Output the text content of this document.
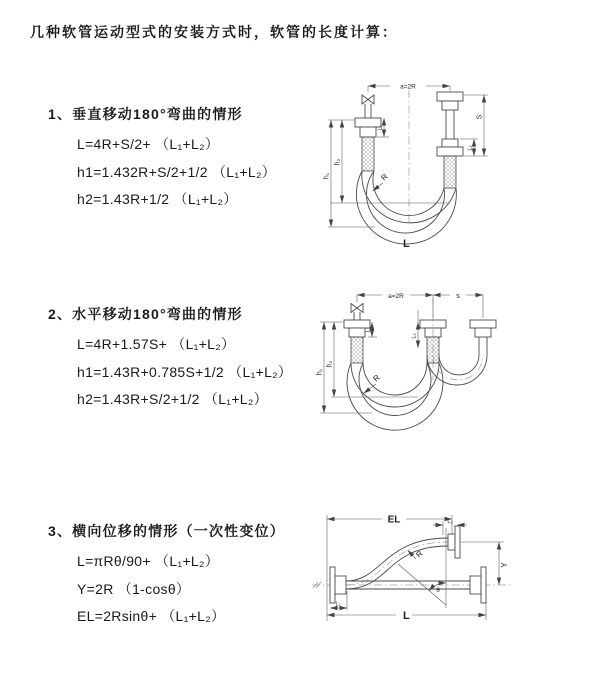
几种软管运动型式的安装方式时，软管的长度计算：
1、垂直移动180°弯曲的情形
L=4R+S/2+ （L₁+L₂）
h1=1.432R+S/2+1/2 （L₁+L₂）
h2=1.43R+1/2 （L₁+L₂）
2、水平移动180°弯曲的情形
L=4R+1.57S+ （L₁+L₂）
h1=1.43R+0.785S+1/2 （L₁+L₂）
h2=1.43R+S/2+1/2 （L₁+L₂）
3、横向位移的情形（一次性变位）
L=πRθ/90+ （L₁+L₂）
Y=2R （1-cosθ）
EL=2Rsinθ+ （L₁+L₂）
a=2R
h₁
h₂
L₁
S
L₂
R
L
a=2R	s
h₁
h₂
L₁
L₂
R
EL	L₂
Y
θ
R
L
L₁
